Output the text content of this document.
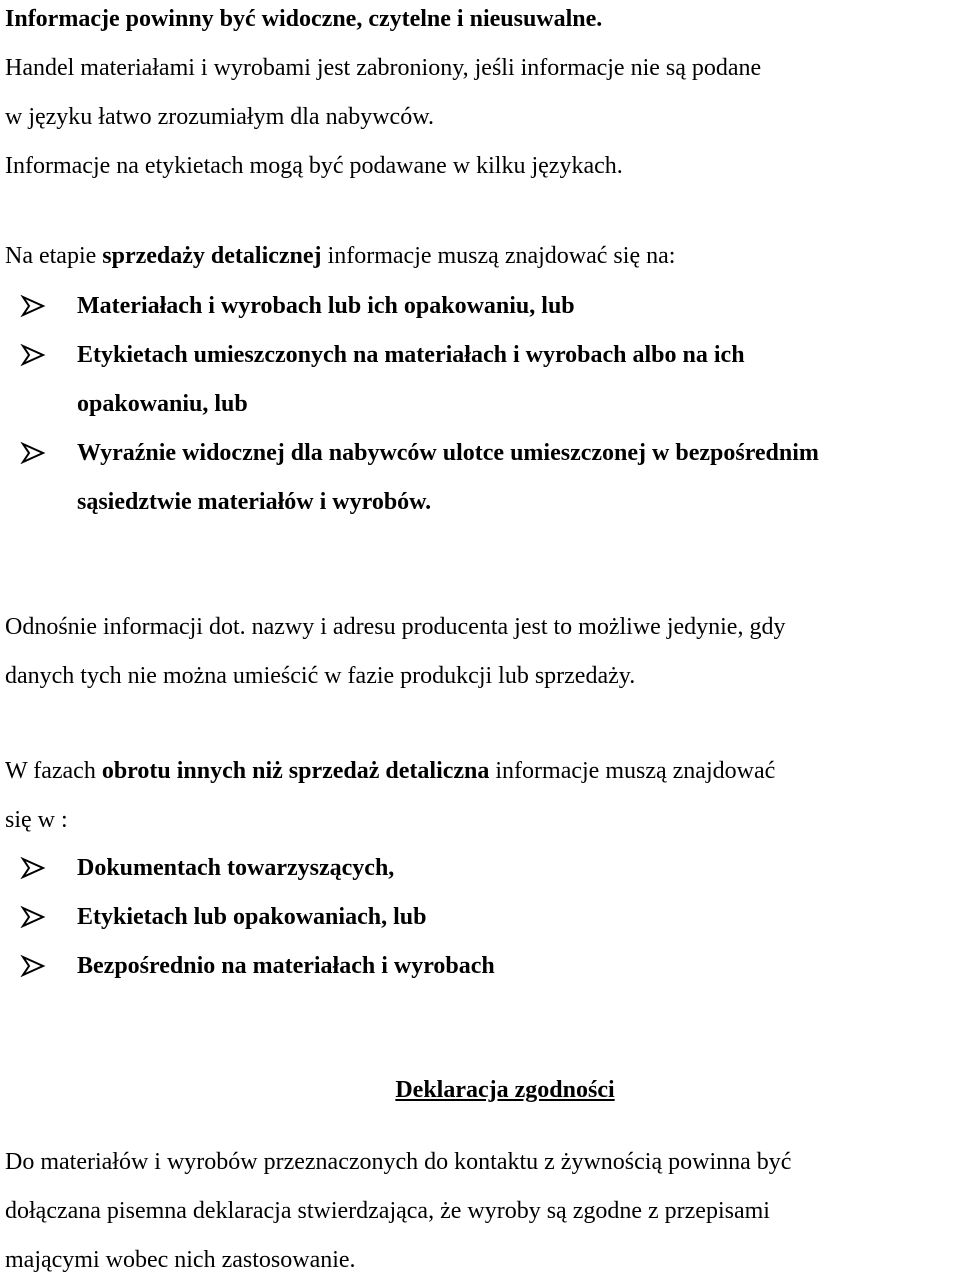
Informacje powinny być widoczne, czytelne i nieusuwalne.
Handel materiałami i wyrobami jest zabroniony, jeśli informacje nie są podane
w języku łatwo zrozumiałym dla nabywców.
Informacje na etykietach mogą być podawane w kilku językach.

Na etapie sprzedaży detalicznej informacje muszą znajdować się na:

Materiałach i wyrobach lub ich opakowaniu, lub
Etykietach umieszczonych na materiałach i wyrobach albo na ich
opakowaniu, lub
Wyraźnie widocznej dla nabywców ulotce umieszczonej w bezpośrednim
sąsiedztwie materiałów i wyrobów.

Odnośnie informacji dot. nazwy i adresu producenta jest to możliwe jedynie, gdy
danych tych nie można umieścić w fazie produkcji lub sprzedaży.

W fazach obrotu innych niż sprzedaż detaliczna informacje muszą znajdować
się w :

Dokumentach towarzyszących,
Etykietach lub opakowaniach, lub
Bezpośrednio na materiałach i wyrobach

Deklaracja zgodności

Do materiałów i wyrobów przeznaczonych do kontaktu z żywnością powinna być
dołączana pisemna deklaracja stwierdzająca, że wyroby są zgodne z przepisami
mającymi wobec nich zastosowanie.
